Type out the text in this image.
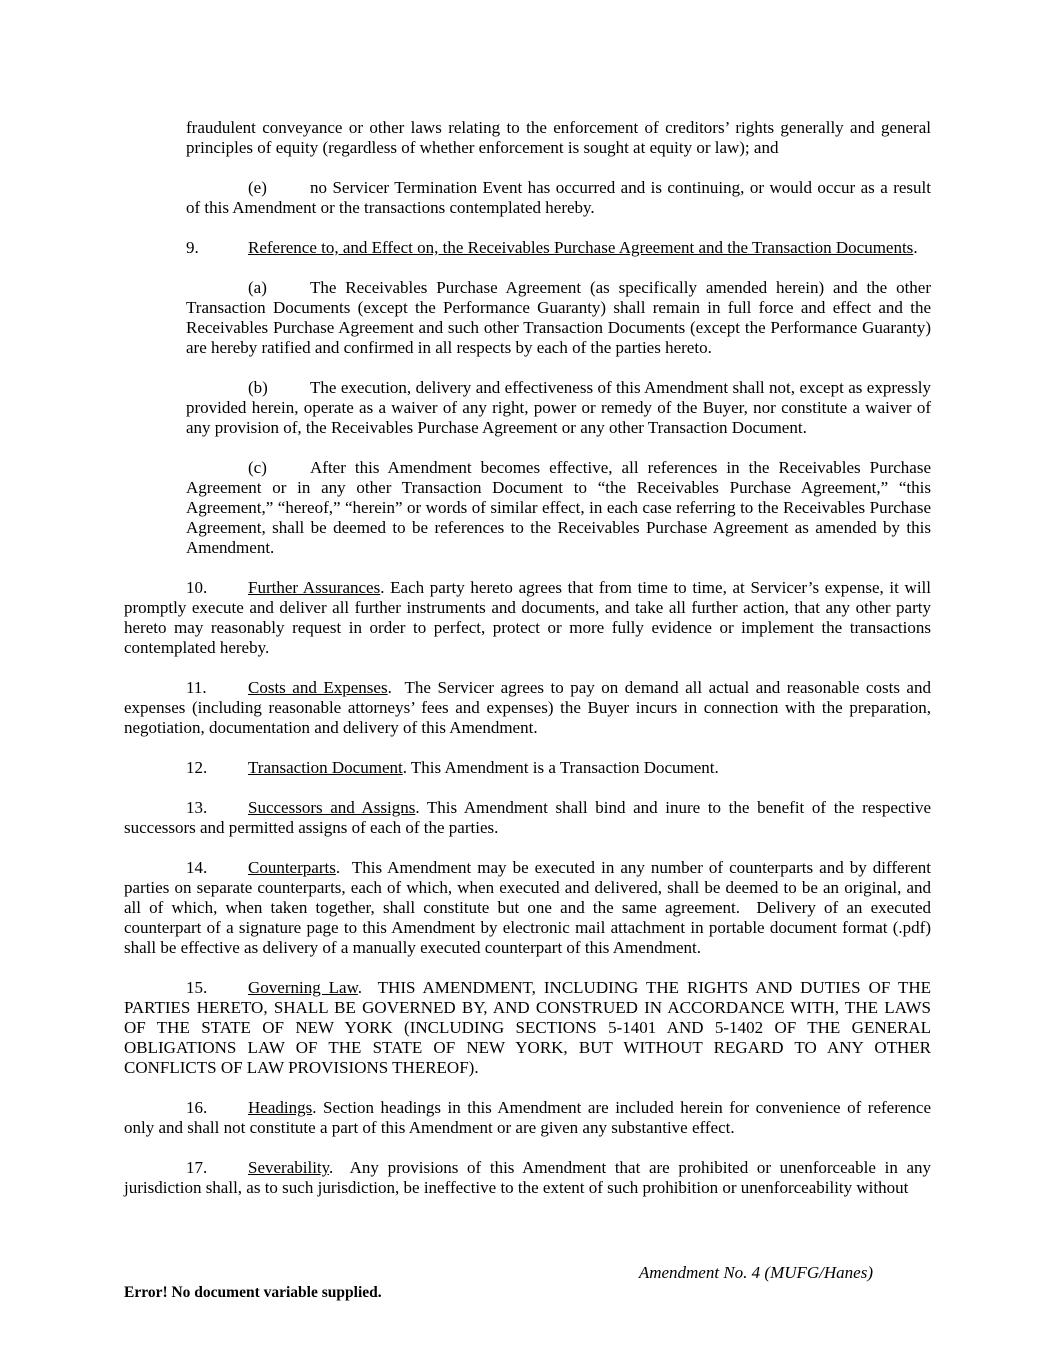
fraudulent conveyance or other laws relating to the enforcement of creditors’ rights generally and general principles of equity (regardless of whether enforcement is sought at equity or law); and

(e)	no Servicer Termination Event has occurred and is continuing, or would occur as a result of this Amendment or the transactions contemplated hereby.

9.	Reference to, and Effect on, the Receivables Purchase Agreement and the Transaction Documents.

(a)	The Receivables Purchase Agreement (as specifically amended herein) and the other Transaction Documents (except the Performance Guaranty) shall remain in full force and effect and the Receivables Purchase Agreement and such other Transaction Documents (except the Performance Guaranty) are hereby ratified and confirmed in all respects by each of the parties hereto.

(b) The execution, delivery and effectiveness of this Amendment shall not, except as expressly provided herein, operate as a waiver of any right, power or remedy of the Buyer, nor constitute a waiver of any provision of, the Receivables Purchase Agreement or any other Transaction Document.

(c)	After this Amendment becomes effective, all references in the Receivables Purchase Agreement or in any other Transaction Document to “the Receivables Purchase Agreement,” “this Agreement,” “hereof,” “herein” or words of similar effect, in each case referring to the Receivables Purchase Agreement, shall be deemed to be references to the Receivables Purchase Agreement as amended by this Amendment.

10. Further Assurances. Each party hereto agrees that from time to time, at Servicer’s expense, it will promptly execute and deliver all further instruments and documents, and take all further action, that any other party hereto may reasonably request in order to perfect, protect or more fully evidence or implement the transactions contemplated hereby.

11. Costs and Expenses.  The Servicer agrees to pay on demand all actual and reasonable costs and expenses (including reasonable attorneys’ fees and expenses) the Buyer incurs in connection with the preparation, negotiation, documentation and delivery of this Amendment.

12. Transaction Document. This Amendment is a Transaction Document.

13. Successors and Assigns. This Amendment shall bind and inure to the benefit of the respective successors and permitted assigns of each of the parties.

14. Counterparts.  This Amendment may be executed in any number of counterparts and by different parties on separate counterparts, each of which, when executed and delivered, shall be deemed to be an original, and all of which, when taken together, shall constitute but one and the same agreement.  Delivery of an executed counterpart of a signature page to this Amendment by electronic mail attachment in portable document format (.pdf) shall be effective as delivery of a manually executed counterpart of this Amendment.

15. Governing Law.  THIS AMENDMENT, INCLUDING THE RIGHTS AND DUTIES OF THE PARTIES HERETO, SHALL BE GOVERNED BY, AND CONSTRUED IN ACCORDANCE WITH, THE LAWS OF THE STATE OF NEW YORK (INCLUDING SECTIONS 5-1401 AND 5-1402 OF THE GENERAL OBLIGATIONS LAW OF THE STATE OF NEW YORK, BUT WITHOUT REGARD TO ANY OTHER CONFLICTS OF LAW PROVISIONS THEREOF).

16. Headings. Section headings in this Amendment are included herein for convenience of reference only and shall not constitute a part of this Amendment or are given any substantive effect.

17. Severability.  Any provisions of this Amendment that are prohibited or unenforceable in any jurisdiction shall, as to such jurisdiction, be ineffective to the extent of such prohibition or unenforceability without

Amendment No. 4 (MUFG/Hanes)
Error! No document variable supplied.
